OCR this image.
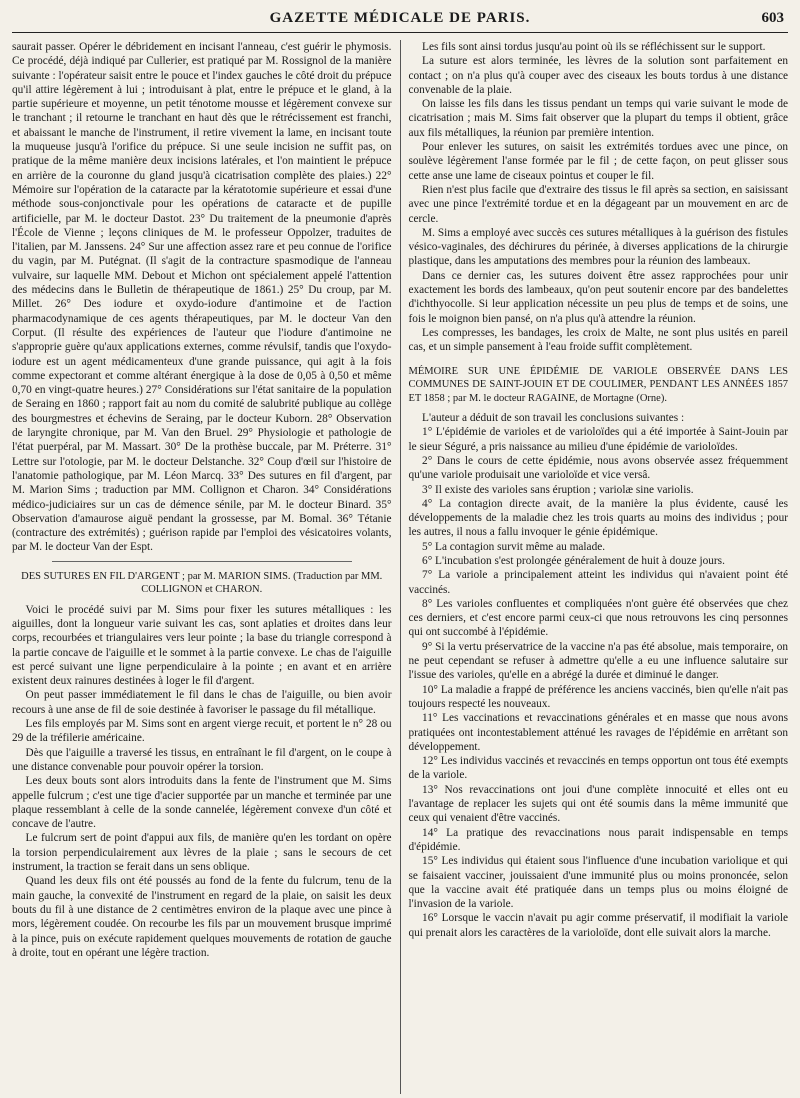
GAZETTE MÉDICALE DE PARIS.	603

saurait passer. Opérer le débridement en incisant l'anneau, c'est guérir le phymosis. Ce procédé, déjà indiqué par Cullerier, est pratiqué par M. Rossignol de la manière suivante : l'opérateur saisit entre le pouce et l'index gauches le côté droit du prépuce qu'il attire légèrement à lui ; introduisant à plat, entre le prépuce et le gland, à la partie supérieure et moyenne, un petit ténotome mousse et légèrement convexe sur le tranchant ; il retourne le tranchant en haut dès que le rétrécissement est franchi, et abaissant le manche de l'instrument, il retire vivement la lame, en incisant toute la muqueuse jusqu'à l'orifice du prépuce. Si une seule incision ne suffit pas, on pratique de la même manière deux incisions latérales, et l'on maintient le prépuce en arrière de la couronne du gland jusqu'à cicatrisation complète des plaies.) 22° Mémoire sur l'opération de la cataracte par la kératotomie supérieure et essai d'une méthode sous-conjonctivale pour les opérations de cataracte et de pupille artificielle, par M. le docteur Dastot. 23° Du traitement de la pneumonie d'après l'École de Vienne ; leçons cliniques de M. le professeur Oppolzer, traduites de l'italien, par M. Janssens. 24° Sur une affection assez rare et peu connue de l'orifice du vagin, par M. Putégnat. (Il s'agit de la contracture spasmodique de l'anneau vulvaire, sur laquelle MM. Debout et Michon ont spécialement appelé l'attention des médecins dans le Bulletin de thérapeutique de 1861.) 25° Du croup, par M. Millet. 26° Des iodure et oxydo-iodure d'antimoine et de l'action pharmacodynamique de ces agents thérapeutiques, par M. le docteur Van den Corput. (Il résulte des expériences de l'auteur que l'iodure d'antimoine ne s'approprie guère qu'aux applications externes, comme révulsif, tandis que l'oxydo-iodure est un agent médicamenteux d'une grande puissance, qui agit à la fois comme expectorant et comme altérant énergique à la dose de 0,05 à 0,50 et même 0,70 en vingt-quatre heures.) 27° Considérations sur l'état sanitaire de la population de Seraing en 1860 ; rapport fait au nom du comité de salubrité publique au collège des bourgmestres et échevins de Seraing, par le docteur Kuborn. 28° Observation de laryngite chronique, par M. Van den Bruel. 29° Physiologie et pathologie de l'état puerpéral, par M. Massart. 30° De la prothèse buccale, par M. Préterre. 31° Lettre sur l'otologie, par M. le docteur Delstanche. 32° Coup d'œil sur l'histoire de l'anatomie pathologique, par M. Léon Marcq. 33° Des sutures en fil d'argent, par M. Marion Sims ; traduction par MM. Collignon et Charon. 34° Considérations médico-judiciaires sur un cas de démence sénile, par M. le docteur Binard. 35° Observation d'amaurose aiguë pendant la grossesse, par M. Bomal. 36° Tétanie (contracture des extrémités) ; guérison rapide par l'emploi des vésicatoires volants, par M. le docteur Van der Espt.

DES SUTURES EN FIL D'ARGENT ; par M. MARION SIMS. (Traduction par MM. COLLIGNON et CHARON.

Voici le procédé suivi par M. Sims pour fixer les sutures métalliques : les aiguilles, dont la longueur varie suivant les cas, sont aplaties et droites dans leur corps, recourbées et triangulaires vers leur pointe ; la base du triangle correspond à la partie concave de l'aiguille et le sommet à la partie convexe. Le chas de l'aiguille est percé suivant une ligne perpendiculaire à la pointe ; en avant et en arrière existent deux rainures destinées à loger le fil d'argent.

On peut passer immédiatement le fil dans le chas de l'aiguille, ou bien avoir recours à une anse de fil de soie destinée à favoriser le passage du fil métallique.

Les fils employés par M. Sims sont en argent vierge recuit, et portent le n° 28 ou 29 de la tréfilerie américaine.

Dès que l'aiguille a traversé les tissus, en entraînant le fil d'argent, on le coupe à une distance convenable pour pouvoir opérer la torsion.

Les deux bouts sont alors introduits dans la fente de l'instrument que M. Sims appelle fulcrum ; c'est une tige d'acier supportée par un manche et terminée par une plaque ressemblant à celle de la sonde cannelée, légèrement convexe d'un côté et concave de l'autre.

Le fulcrum sert de point d'appui aux fils, de manière qu'en les tordant on opère la torsion perpendiculairement aux lèvres de la plaie ; sans le secours de cet instrument, la traction se ferait dans un sens oblique.

Quand les deux fils ont été poussés au fond de la fente du fulcrum, tenu de la main gauche, la convexité de l'instrument en regard de la plaie, on saisit les deux bouts du fil à une distance de 2 centimètres environ de la plaque avec une pince à mors, légèrement coudée. On recourbe les fils par un mouvement brusque imprimé à la pince, puis on exécute rapidement quelques mouvements de rotation de gauche à droite, tout en opérant une légère traction.

Les fils sont ainsi tordus jusqu'au point où ils se réfléchissent sur le support.

La suture est alors terminée, les lèvres de la solution sont parfaitement en contact ; on n'a plus qu'à couper avec des ciseaux les bouts tordus à une distance convenable de la plaie.

On laisse les fils dans les tissus pendant un temps qui varie suivant le mode de cicatrisation ; mais M. Sims fait observer que la plupart du temps il obtient, grâce aux fils métalliques, la réunion par première intention.

Pour enlever les sutures, on saisit les extrémités tordues avec une pince, on soulève légèrement l'anse formée par le fil ; de cette façon, on peut glisser sous cette anse une lame de ciseaux pointus et couper le fil.

Rien n'est plus facile que d'extraire des tissus le fil après sa section, en saisissant avec une pince l'extrémité tordue et en la dégageant par un mouvement en arc de cercle.

M. Sims a employé avec succès ces sutures métalliques à la guérison des fistules vésico-vaginales, des déchirures du périnée, à diverses applications de la chirurgie plastique, dans les amputations des membres pour la réunion des lambeaux.

Dans ce dernier cas, les sutures doivent être assez rapprochées pour unir exactement les bords des lambeaux, qu'on peut soutenir encore par des bandelettes d'ichthyocolle. Si leur application nécessite un peu plus de temps et de soins, une fois le moignon bien pansé, on n'a plus qu'à attendre la réunion.

Les compresses, les bandages, les croix de Malte, ne sont plus usités en pareil cas, et un simple pansement à l'eau froide suffit complètement.

MÉMOIRE SUR UNE ÉPIDÉMIE DE VARIOLE OBSERVÉE DANS LES COMMUNES DE SAINT-JOUIN ET DE COULIMER, PENDANT LES ANNÉES 1857 ET 1858 ; par M. le docteur RAGAINE, de Mortagne (Orne).

L'auteur a déduit de son travail les conclusions suivantes :

1° L'épidémie de varioles et de varioloïdes qui a été importée à Saint-Jouin par le sieur Séguré, a pris naissance au milieu d'une épidémie de varioloïdes.

2° Dans le cours de cette épidémie, nous avons observée assez fréquemment qu'une variole produisait une varioloïde et vice versâ.

3° Il existe des varioles sans éruption ; variolæ sine variolis.

4° La contagion directe avait, de la manière la plus évidente, causé les développements de la maladie chez les trois quarts au moins des individus ; pour les autres, il nous a fallu invoquer le génie épidémique.

5° La contagion survit même au malade.

6° L'incubation s'est prolongée généralement de huit à douze jours.

7° La variole a principalement atteint les individus qui n'avaient point été vaccinés.

8° Les varioles confluentes et compliquées n'ont guère été observées que chez ces derniers, et c'est encore parmi ceux-ci que nous retrouvons les cinq personnes qui ont succombé à l'épidémie.

9° Si la vertu préservatrice de la vaccine n'a pas été absolue, mais temporaire, on ne peut cependant se refuser à admettre qu'elle a eu une influence salutaire sur l'issue des varioles, qu'elle en a abrégé la durée et diminué le danger.

10° La maladie a frappé de préférence les anciens vaccinés, bien qu'elle n'ait pas toujours respecté les nouveaux.

11° Les vaccinations et revaccinations générales et en masse que nous avons pratiquées ont incontestablement atténué les ravages de l'épidémie en arrêtant son développement.

12° Les individus vaccinés et revaccinés en temps opportun ont tous été exempts de la variole.

13° Nos revaccinations ont joui d'une complète innocuité et elles ont eu l'avantage de replacer les sujets qui ont été soumis dans la même immunité que ceux qui venaient d'être vaccinés.

14° La pratique des revaccinations nous parait indispensable en temps d'épidémie.

15° Les individus qui étaient sous l'influence d'une incubation variolique et qui se faisaient vacciner, jouissaient d'une immunité plus ou moins prononcée, selon que la vaccine avait été pratiquée dans un temps plus ou moins éloigné de l'invasion de la variole.

16° Lorsque le vaccin n'avait pu agir comme préservatif, il modifiait la variole qui prenait alors les caractères de la varioloïde, dont elle suivait alors la marche.
